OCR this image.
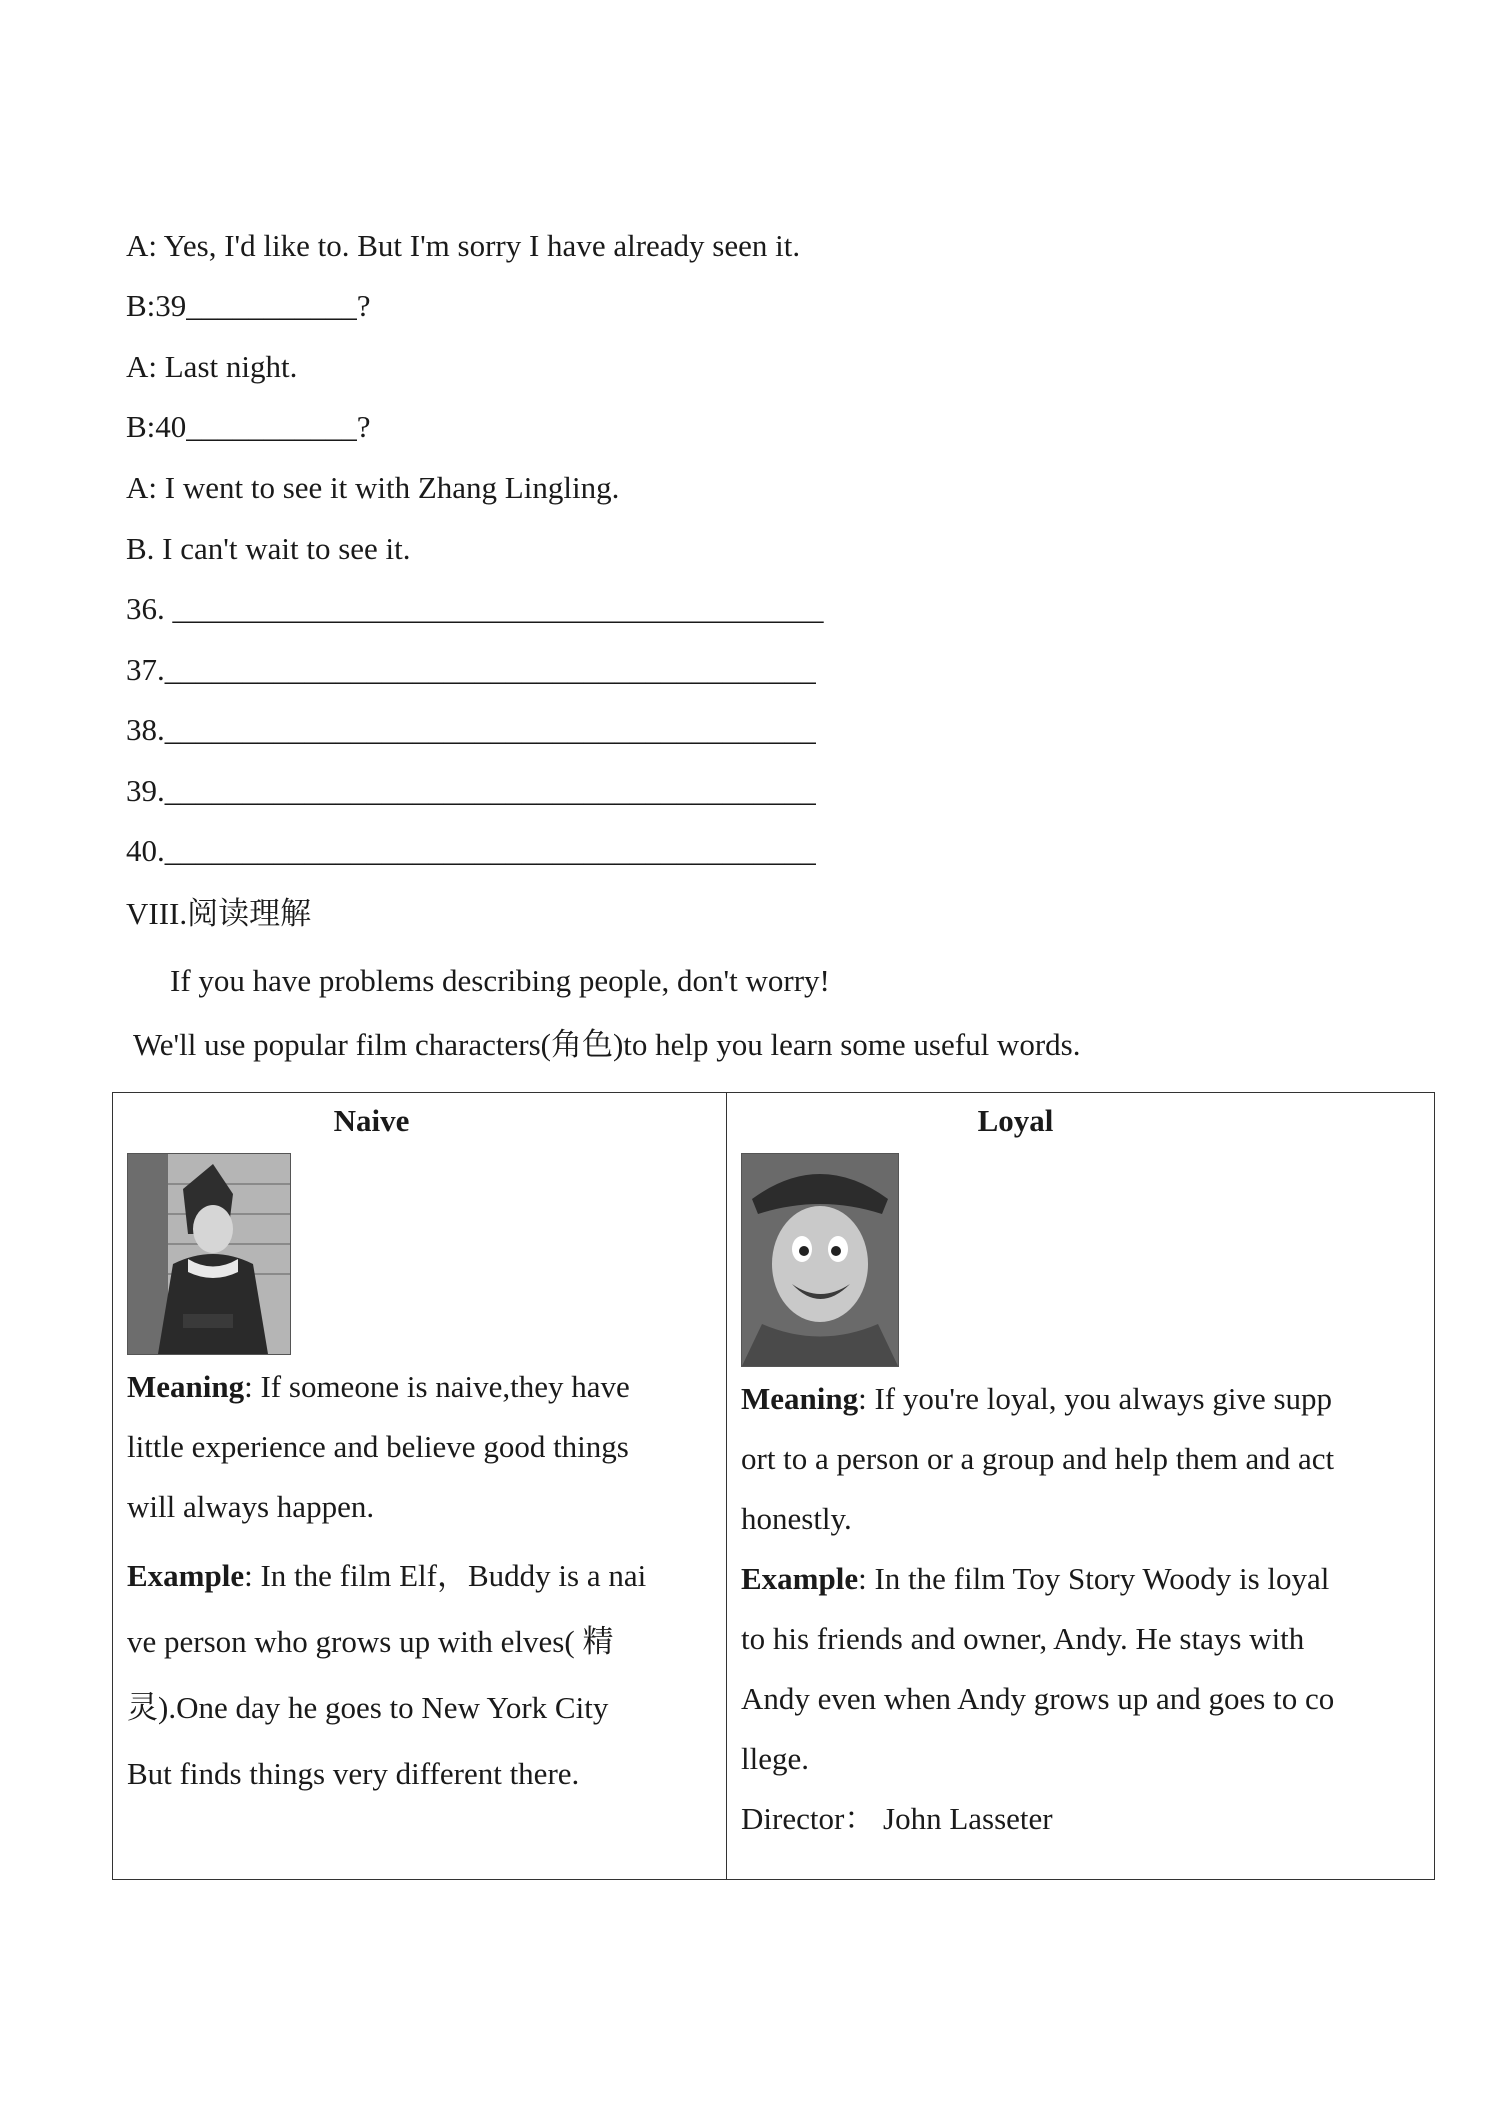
A: Yes, I'd like to. But I'm sorry I have already seen it.
B:39___________?
A: Last night.
B:40___________?
A: I went to see it with Zhang Lingling.
B. I can't wait to see it.
36. __________________________________________
37.__________________________________________
38.__________________________________________
39.__________________________________________
40.__________________________________________
VIII.阅读理解
If you have problems describing people, don't worry!
We'll use popular film characters(角色)to help you learn some useful words.
Naive

Meaning: If someone is naive,they have

little experience and believe good things

will always happen.

Example: In the film Elf，Buddy is a nai

ve person who grows up with elves( 精

灵).One day he goes to New York City

But finds things very different there.

Loyal

Meaning: If you're loyal, you always give supp

ort to a person or a group and help them and act

honestly.

Example: In the film Toy Story Woody is loyal

to his friends and owner, Andy. He stays with

Andy even when Andy grows up and goes to co

llege.

Director： John Lasseter
